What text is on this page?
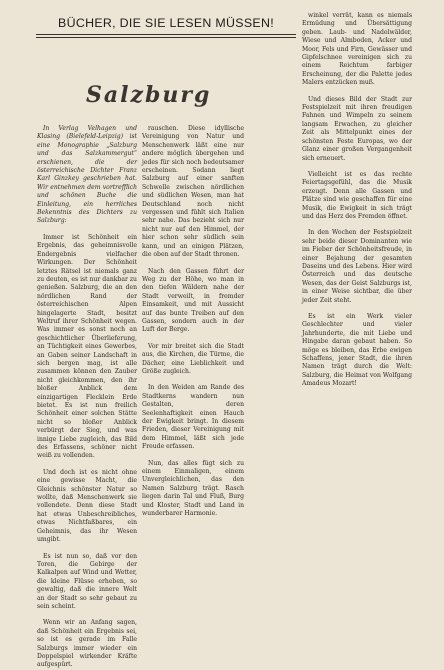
BÜCHER, DIE SIE LESEN MÜSSEN!
Salzburg

In Verlag Velhagen und Klasing (Bielefeld-Leipzig) ist eine Monographie „Salzburg und das Salzkammergut“ erschienen, die der österreichische Dichter Franz Karl Ginzkey geschrieben hat. Wir entnehmen dem vortrefflich und schönen Buche die Einleitung, ein herrliches Bekenntnis des Dichters zu Salzburg:

Immer ist Schönheit ein Ergebnis, das geheimnisvolle Endergebnis vielfacher Wirkungen. Der Schönheit letztes Rätsel ist niemals ganz zu deuten, es ist nur dankbar zu genießen. Salzburg, die an den nördlichen Rand der österreichischen Alpen hingelagerte Stadt, besitzt Weltruf ihrer Schönheit wegen. Was immer es sonst noch an geschichtlicher Überlieferung, an Tüchtigkeit eines Gewerbes, an Gaben seiner Landschaft in sich bergen mag, ist alle zusammen können den Zauber nicht gleichkommen, den ihr bloßer Anblick dem einzigartigen Flecklein Erde bietet. Es ist nun freilich Schönheit einer solchen Stätte nicht so bloßer Anblick verbürgt der Sieg, und was innige Liebe zugleich, das Bild des Erfassens, schöner nicht weiß zu vollenden.

Und doch ist es nicht ohne eine gewisse Macht, die Gleichnis schönster Natur so wollte, daß Menschenwerk sie vollendete. Denn diese Stadt hat etwas Unbeschreibliches, etwas Nichtfaßbares, ein Geheimnis, das ihr Wesen umgibt.

Es ist nun so, daß vor den Toren, die Gebirge der Kalkalpen auf Wind und Wetter, die kleine Flüsse erheben, so gewaltig, daß die innere Welt an der Stadt so sehr gebaut zu sein scheint.

Wenn wir an Anfang sagen, daß Schönheit ein Ergebnis sei, so ist es gerade im Falle Salzburgs immer wieder ein Doppelspiel wirkender Kräfte aufgespürt.

rauschen. Diese idyllische Vereinigung von Natur und Menschenwerk läßt eine nur andere möglich übergehen und jedes für sich noch bedeutsamer erscheinen. Sodann liegt Salzburg auf einer sanften Schwelle zwischen nördlichen und südlichen Wesen, man hat Deutschland noch nicht vergessen und fühlt sich Italien sehr nahe. Das bezieht sich nur nicht nur auf den Himmel, der hier schon sehr südlich sein kann, und an einigen Plätzen, die oben auf der Stadt thronen.

Nach den Gassen führt der Weg zu der Höhe, wo man in den tiefen Wäldern nahe der Stadt verweilt, in fremder Einsamkeit, und mit Aussicht auf das bunte Treiben auf den Gassen, sondern auch in der Luft der Berge.

Vor mir breitet sich die Stadt aus, die Kirchen, die Türme, die Dächer, eine Lieblichkeit und Größe zugleich.

In den Weiden am Rande des Stadtkerns wandern nun Gestalten, deren Seelenhaftigkeit einen Hauch der Ewigkeit bringt. In diesem Frieden, dieser Vereinigung mit dem Himmel, läßt sich jede Freude erfassen.

Nun, das alles fügt sich zu einem Einmaligen, einem Unvergleichlichen, das den Namen Salzburg trägt. Rasch liegen darin Tal und Fluß, Burg und Kloster, Stadt und Land in wunderbarer Harmonie.

winkel verrät, kann es niemals Ermüdung und Übersättigung geben. Laub- und Nadelwälder, Wiese und Almboden, Acker und Moor, Fels und Firn, Gewässer und Gipfelschnee vereinigen sich zu einem Reichtum farbiger Erscheinung, der die Palette jedes Malers entzücken muß.

Und dieses Bild der Stadt zur Festspielzeit mit ihren freudigen Fahnen und Wimpeln zu seinem langsam Erwachen, zu gleicher Zeit als Mittelpunkt eines der schönsten Feste Europas, wo der Glanz einer großen Vergangenheit sich erneuert.

Vielleicht ist es das rechte Feiertagsgefühl, das die Musik erzeugt. Denn alle Gassen und Plätze sind wie geschaffen für eine Musik, die Ewigkeit in sich trägt und das Herz des Fremden öffnet.

In den Wochen der Festspielzeit sehr beide dieser Dominanten wie im Fieber der Schönheitsfreude, in einer Bejahung der gesamten Daseins und des Lebens. Hier wird Österreich und das deutsche Wesen, das der Geist Salzburgs ist, in einer Weise sichtbar, die über jeder Zeit steht.

Es ist ein Werk vieler Geschlechter und vieler Jahrhunderte, die mit Liebe und Hingabe daran gebaut haben. So möge es bleiben, das Erbe ewigen Schaffens, jener Stadt, die ihren Namen trägt durch die Welt: Salzburg, die Heimat von Wolfgang Amadeus Mozart!
